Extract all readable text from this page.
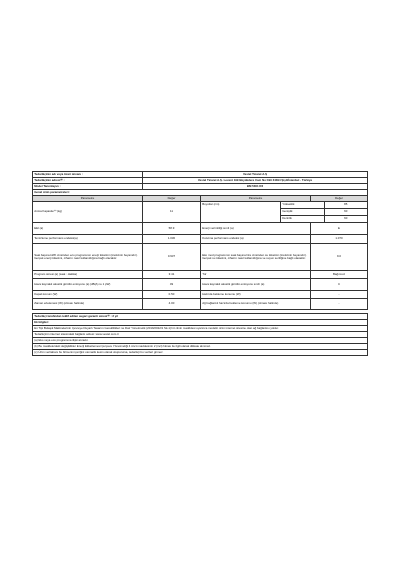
Tedarikçinin adı veya ticari ünvanı :	Vestel Ticaret A.Ş
Tedarikçinin adresi⁽ᵇ⁾ :	Vestel Ticaret A.Ş. Levent 199 Büyükdere Cad. No:199 34394 Şişli/İstanbul - Türkiye
Model Tanımlayıcı :	BM 5301 R3
Genel ürün parametreleri:
Parametre	Değer	Parametre	Değer
Anma Kapasite⁽ᵃ⁾ (kg)	11
Boyutlar (cm)	Yükseklik	85
Genişlik	60
Derinlik	60
EEI (a)	58.9	Enerji verimliliği sınıfı (a)	E
Temizleme performans endeksi(a)	1.030	Kurutma performans endeksi (a)	1.070
Saat başına kWh cinsinden eco programının enerji tüketimi (üreticinin beyanıdır). Gerçek enerji tüketimi, cihazın nasıl kullanıldığına bağlı olacaktır.	0.937	Eko mod programının saat başına litre cinsinden su tüketimi (üreticinin beyanıdır). Gerçek su tüketimi, cihazın nasıl kullanıldığına ve suyun sertliğine bağlı olacaktır.	9.0
Program süresi (a) (saat : dakika)	3:41	Tür	Bağımsız
Hava kaynaklı akustik gürültü emisyonu (a) (dB(A) re 1 pW)	49	Hava kaynaklı akustik gürültü emisyonu sınıfı (a)	C
Kapalı konum (W)	0.50	Hazırda bekleme konumu (W)	-
Zaman ertelemesi (W) (olması halinde)	4.00	Ağ bağlantılı hazırda bekleme konumu (W) (olması halinde)	-
Tedarikçi tarafından teklif edilen asgari garanti süresi⁽ᵇ⁾ : 2 yıl
Ek bilgiler:
En Tipi Bulaşık Makinelerinin Çevreye Duyarlı Tasarım Gereklilikleri ne Dair Yönetmelik (2019/2022/1 Sk-1)'nin ilmin madddesi uyarınca modelin ürün internet sitesine olan ağ bağlantısı yoktur.
Tedarikçinin internet sitesindeki bağlantı adresi: www.vestel.com.tr
(a) Eko veya eco programına ilişki atıradır.
(b) Bu maddelerdeki değişiklikler Enerji Etiketlemesi Çerçeve Yönetmeliği 4 üncü maddesinin 2 (inci) fıkrası ile ilgili olarak dikkate alınmaz.
(c) Ürün veritabanı bu bilmenin içeriğini otomatik kesin olarak oluşturursa, tedarikçi bu verileri girmez.
